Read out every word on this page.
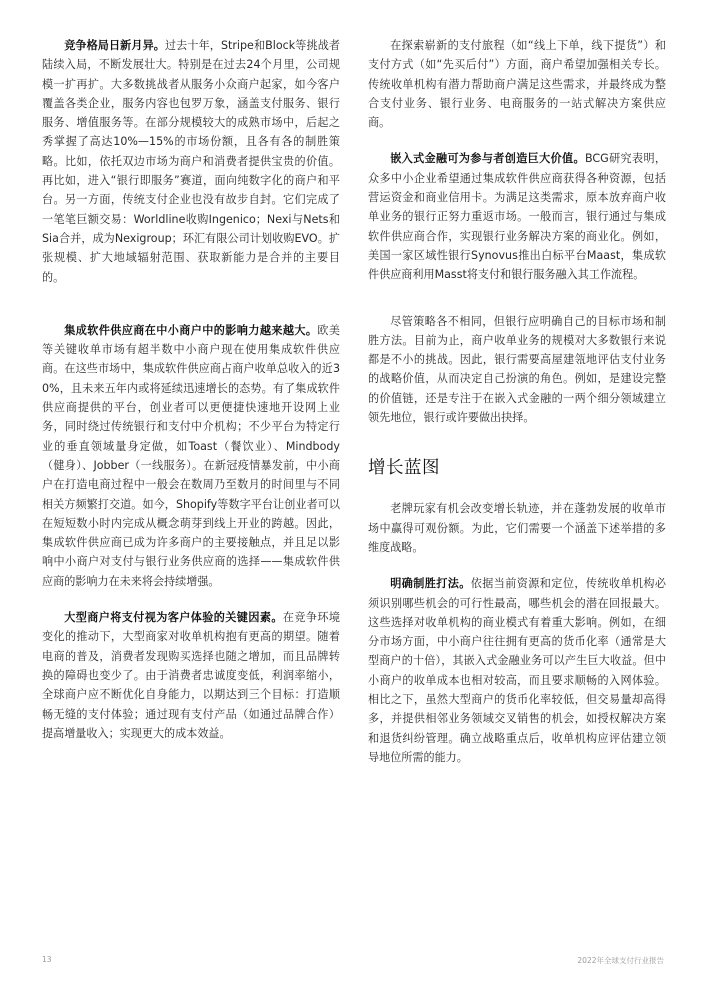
竞争格局日新月异。过去十年，Stripe和Block等挑战者陆续入局，不断发展壮大。特别是在过去24个月里，公司规模一扩再扩。大多数挑战者从服务小众商户起家，如今客户覆盖各类企业，服务内容也包罗万象，涵盖支付服务、银行服务、增值服务等。在部分规模较大的成熟市场中，后起之秀掌握了高达10%—15%的市场份额，且各有各的制胜策略。比如，依托双边市场为商户和消费者提供宝贵的价值。再比如，进入“银行即服务”赛道，面向纯数字化的商户和平台。另一方面，传统支付企业也没有故步自封。它们完成了一笔笔巨额交易：Worldline收购Ingenico；Nexi与Nets和Sia合并，成为Nexigroup；环汇有限公司计划收购EVO。扩张规模、扩大地域辐射范围、获取新能力是合并的主要目的。

集成软件供应商在中小商户中的影响力越来越大。欧美等关键收单市场有超半数中小商户现在使用集成软件供应商。在这些市场中，集成软件供应商占商户收单总收入的近30%，且未来五年内或将延续迅速增长的态势。有了集成软件供应商提供的平台，创业者可以更便捷快速地开设网上业务，同时绕过传统银行和支付中介机构；不少平台为特定行业的垂直领域量身定做，如Toast（餐饮业）、Mindbody（健身）、Jobber（一线服务）。在新冠疫情暴发前，中小商户在打造电商过程中一般会在数周乃至数月的时间里与不同相关方频繁打交道。如今，Shopify等数字平台让创业者可以在短短数小时内完成从概念萌芽到线上开业的跨越。因此，集成软件供应商已成为许多商户的主要接触点，并且足以影响中小商户对支付与银行业务供应商的选择——集成软件供应商的影响力在未来将会持续增强。

大型商户将支付视为客户体验的关键因素。在竞争环境变化的推动下，大型商家对收单机构抱有更高的期望。随着电商的普及，消费者发现购买选择也随之增加，而且品牌转换的障碍也变少了。由于消费者忠诚度变低，利润率缩小，全球商户应不断优化自身能力，以期达到三个目标：打造顺畅无缝的支付体验；通过现有支付产品（如通过品牌合作）提高增量收入；实现更大的成本效益。

在探索崭新的支付旅程（如“线上下单，线下提货”）和支付方式（如“先买后付”）方面，商户希望加强相关专长。传统收单机构有潜力帮助商户满足这些需求，并最终成为整合支付业务、银行业务、电商服务的一站式解决方案供应商。

嵌入式金融可为参与者创造巨大价值。BCG研究表明，众多中小企业希望通过集成软件供应商获得各种资源，包括营运资金和商业信用卡。为满足这类需求，原本放弃商户收单业务的银行正努力重返市场。一般而言，银行通过与集成软件供应商合作，实现银行业务解决方案的商业化。例如，美国一家区域性银行Synovus推出白标平台Maast，集成软件供应商利用Masst将支付和银行服务融入其工作流程。

尽管策略各不相同，但银行应明确自己的目标市场和制胜方法。目前为止，商户收单业务的规模对大多数银行来说都是不小的挑战。因此，银行需要高屋建瓴地评估支付业务的战略价值，从而决定自己扮演的角色。例如，是建设完整的价值链，还是专注于在嵌入式金融的一两个细分领域建立领先地位，银行或许要做出抉择。

增长蓝图

老牌玩家有机会改变增长轨迹，并在蓬勃发展的收单市场中赢得可观份额。为此，它们需要一个涵盖下述举措的多维度战略。

明确制胜打法。依据当前资源和定位，传统收单机构必须识别哪些机会的可行性最高，哪些机会的潜在回报最大。这些选择对收单机构的商业模式有着重大影响。例如，在细分市场方面，中小商户往往拥有更高的货币化率（通常是大型商户的十倍），其嵌入式金融业务可以产生巨大收益。但中小商户的收单成本也相对较高，而且要求顺畅的入网体验。相比之下，虽然大型商户的货币化率较低，但交易量却高得多，并提供相邻业务领域交叉销售的机会，如授权解决方案和退货纠纷管理。确立战略重点后，收单机构应评估建立领导地位所需的能力。

13	2022年全球支付行业报告
